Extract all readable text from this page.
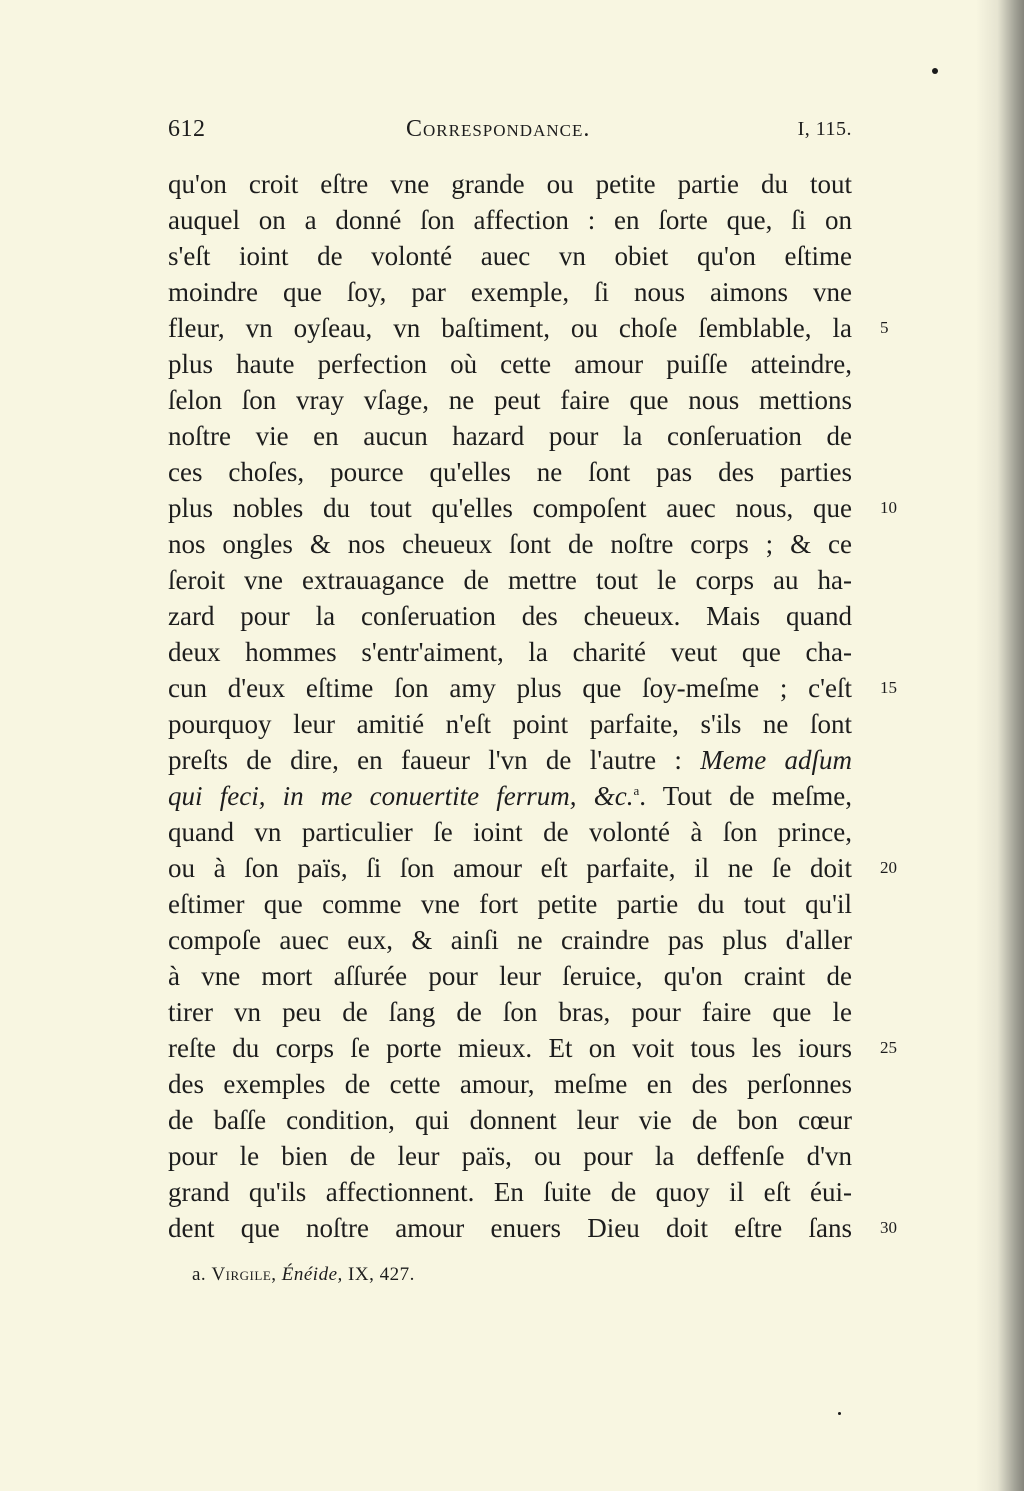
612	Correspondance.	I, 115.
qu'on croit eſtre vne grande ou petite partie du tout
auquel on a donné ſon affection : en ſorte que, ſi on
s'eſt ioint de volonté auec vn obiet qu'on eſtime
moindre que ſoy, par exemple, ſi nous aimons vne
fleur, vn oyſeau, vn baſtiment, ou choſe ſemblable, la 5
plus haute perfection où cette amour puiſſe atteindre,
ſelon ſon vray vſage, ne peut faire que nous mettions
noſtre vie en aucun hazard pour la conſeruation de
ces choſes, pource qu'elles ne ſont pas des parties
plus nobles du tout qu'elles compoſent auec nous, que 10
nos ongles & nos cheueux ſont de noſtre corps ; & ce
ſeroit vne extrauagance de mettre tout le corps au ha-
zard pour la conſeruation des cheueux. Mais quand
deux hommes s'entr'aiment, la charité veut que cha-
cun d'eux eſtime ſon amy plus que ſoy-meſme ; c'eſt 15
pourquoy leur amitié n'eſt point parfaite, s'ils ne ſont
preſts de dire, en faueur l'vn de l'autre : Meme adſum
qui feci, in me conuertite ferrum, &c.$^a$. Tout de meſme,
quand vn particulier ſe ioint de volonté à ſon prince,
ou à ſon païs, ſi ſon amour eſt parfaite, il ne ſe doit 20
eſtimer que comme vne fort petite partie du tout qu'il
compoſe auec eux, & ainſi ne craindre pas plus d'aller
à vne mort aſſurée pour leur ſeruice, qu'on craint de
tirer vn peu de ſang de ſon bras, pour faire que le
reſte du corps ſe porte mieux. Et on voit tous les iours 25
des exemples de cette amour, meſme en des perſonnes
de baſſe condition, qui donnent leur vie de bon cœur
pour le bien de leur païs, ou pour la deffenſe d'vn
grand qu'ils affectionnent. En ſuite de quoy il eſt éui-
dent que noſtre amour enuers Dieu doit eſtre ſans 30
a. Virgile, Énéide, IX, 427.
